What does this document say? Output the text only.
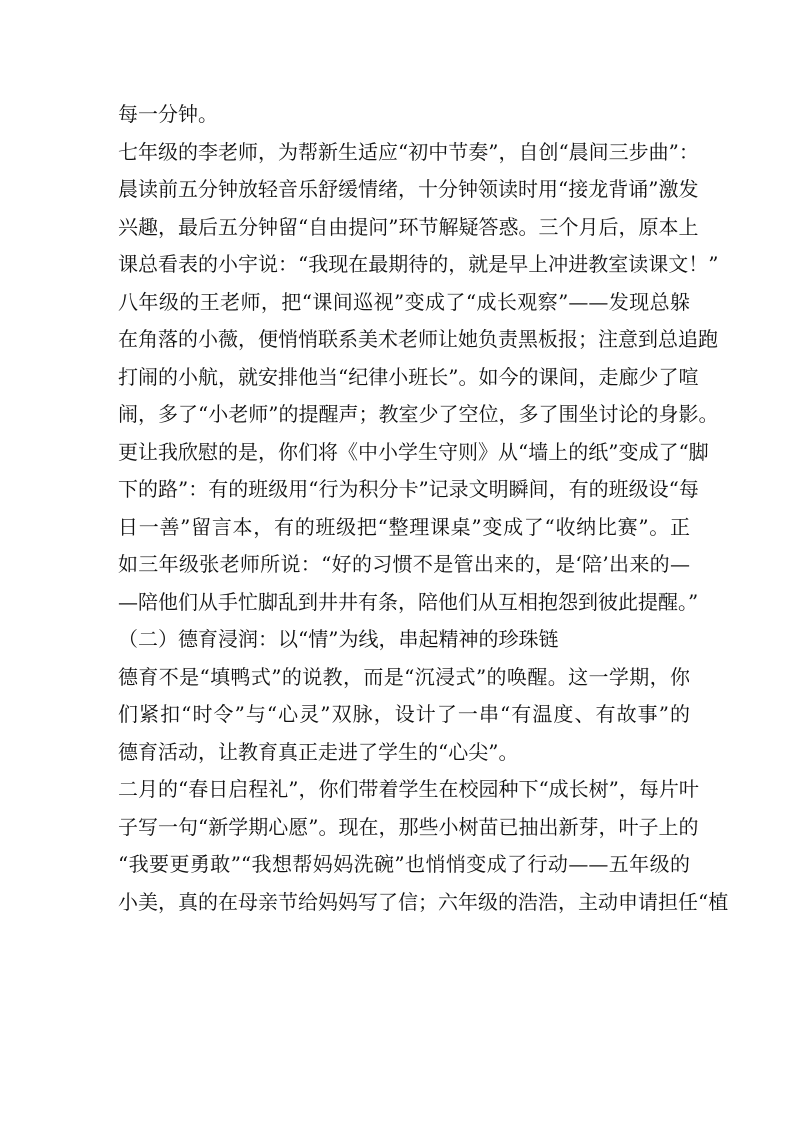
每一分钟。
七年级的李老师，为帮新生适应“初中节奏”，自创“晨间三步曲”：
晨读前五分钟放轻音乐舒缓情绪，十分钟领读时用“接龙背诵”激发
兴趣，最后五分钟留“自由提问”环节解疑答惑。三个月后，原本上
课总看表的小宇说：“我现在最期待的，就是早上冲进教室读课文！”
八年级的王老师，把“课间巡视”变成了“成长观察”——发现总躲
在角落的小薇，便悄悄联系美术老师让她负责黑板报；注意到总追跑
打闹的小航，就安排他当“纪律小班长”。如今的课间，走廊少了喧
闹，多了“小老师”的提醒声；教室少了空位，多了围坐讨论的身影。
更让我欣慰的是，你们将《中小学生守则》从“墙上的纸”变成了“脚
下的路”：有的班级用“行为积分卡”记录文明瞬间，有的班级设“每
日一善”留言本，有的班级把“整理课桌”变成了“收纳比赛”。正
如三年级张老师所说：“好的习惯不是管出来的，是‘陪’出来的—
—陪他们从手忙脚乱到井井有条，陪他们从互相抱怨到彼此提醒。”
（二）德育浸润：以“情”为线，串起精神的珍珠链
德育不是“填鸭式”的说教，而是“沉浸式”的唤醒。这一学期，你
们紧扣“时令”与“心灵”双脉，设计了一串“有温度、有故事”的
德育活动，让教育真正走进了学生的“心尖”。
二月的“春日启程礼”，你们带着学生在校园种下“成长树”，每片叶
子写一句“新学期心愿”。现在，那些小树苗已抽出新芽，叶子上的
“我要更勇敢”“我想帮妈妈洗碗”也悄悄变成了行动——五年级的
小美，真的在母亲节给妈妈写了信；六年级的浩浩，主动申请担任“植
